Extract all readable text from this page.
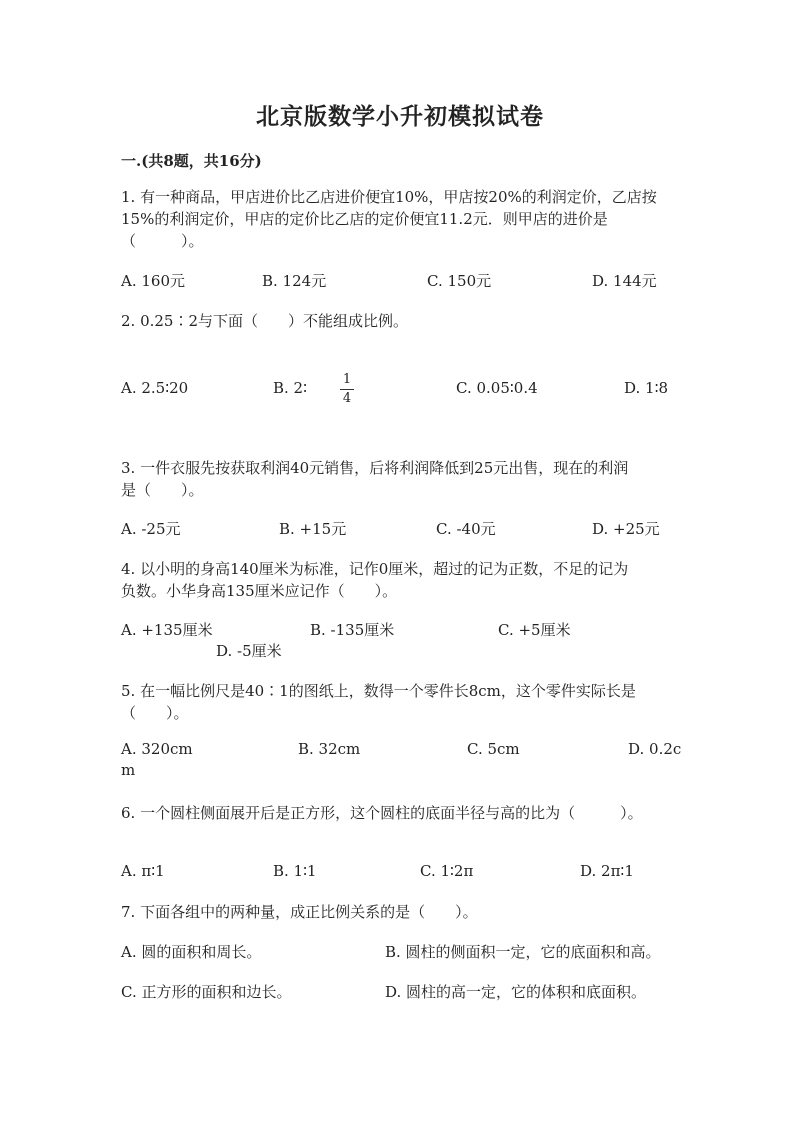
北京版数学小升初模拟试卷
一.(共8题，共16分)
1. 有一种商品，甲店进价比乙店进价便宜10%，甲店按20%的利润定价，乙店按
15%的利润定价，甲店的定价比乙店的定价便宜11.2元．则甲店的进价是
（　　　）。
A. 160元	B. 124元	C. 150元	D. 144元
2. 0.25∶2与下面（　　）不能组成比例。
A. 2.5∶20	B. 2∶	1
4
C. 0.05∶0.4	D. 1∶8
3. 一件衣服先按获取利润40元销售，后将利润降低到25元出售，现在的利润
是（　　）。
A. -25元	B. +15元	C. -40元	D. +25元
4. 以小明的身高140厘米为标准，记作0厘米，超过的记为正数，不足的记为
负数。小华身高135厘米应记作（　　）。
A. +135厘米	B. -135厘米	C. +5厘米
D. -5厘米
5. 在一幅比例尺是40∶1的图纸上，数得一个零件长8cm，这个零件实际长是
（　　）。
A. 320cm	B. 32cm	C. 5cm	D. 0.2c
m
6. 一个圆柱侧面展开后是正方形，这个圆柱的底面半径与高的比为（　　　）。
A. π∶1	B. 1∶1	C. 1∶2π	D. 2π∶1
7. 下面各组中的两种量，成正比例关系的是（　　）。
A. 圆的面积和周长。	B. 圆柱的侧面积一定，它的底面积和高。
C. 正方形的面积和边长。	D. 圆柱的高一定，它的体积和底面积。
